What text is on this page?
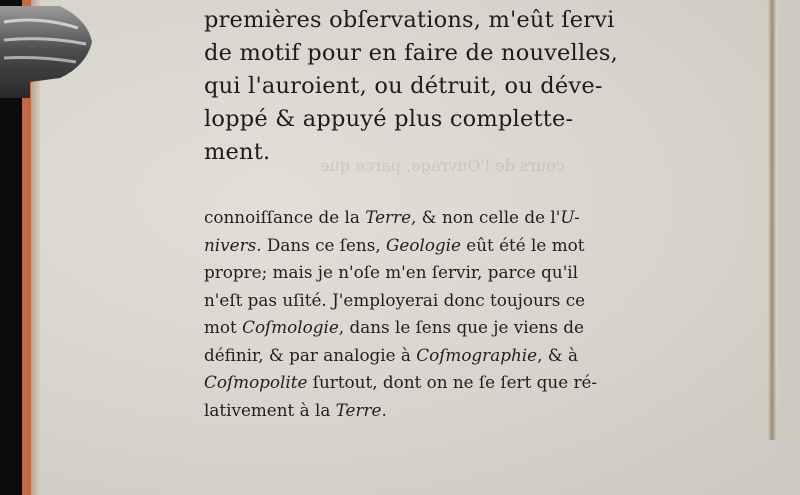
cours de l'Ouvrage, parce que
premières obſervations, m'eût ſervi
de motif pour en faire de nouvelles,
qui l'auroient, ou détruit, ou déve-
loppé & appuyé plus complette-
ment.
connoiſſance de la Terre, & non celle de l'U-
nivers. Dans ce ſens, Geologie eût été le mot
propre; mais je n'oſe m'en ſervir, parce qu'il
n'eſt pas uſité. J'employerai donc toujours ce
mot Coſmologie, dans le ſens que je viens de
définir, & par analogie à Coſmographie, & à
Coſmopolite ſurtout, dont on ne ſe ſert que ré-
lativement à la Terre.
